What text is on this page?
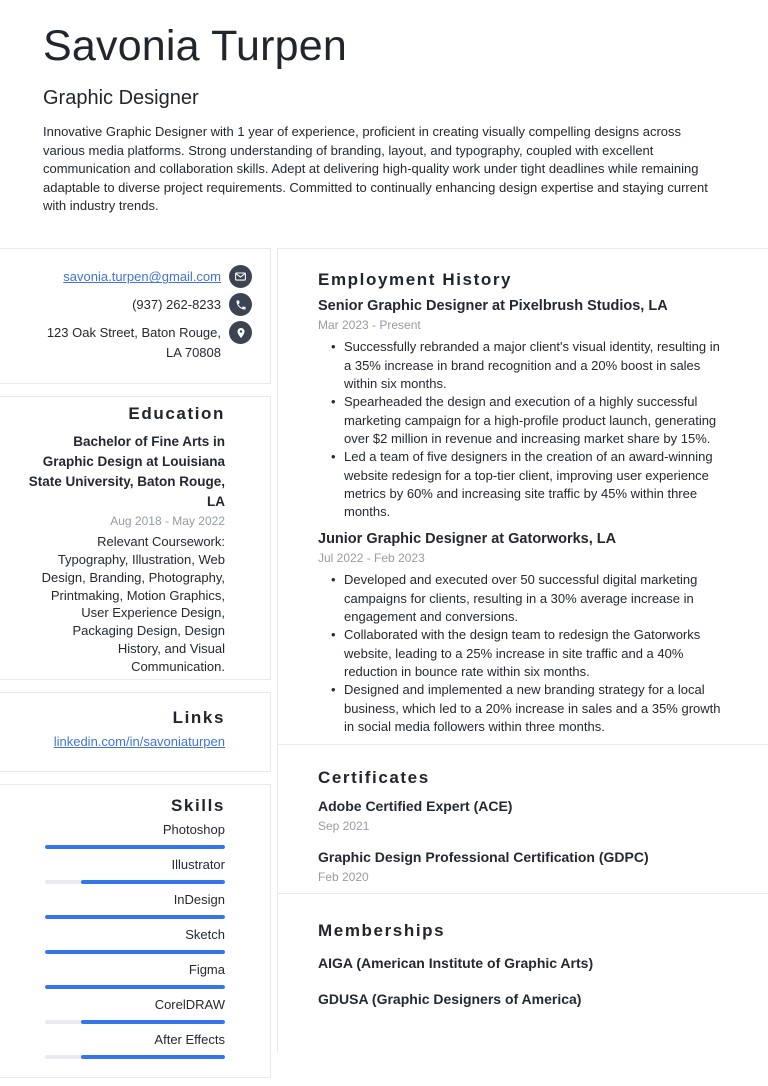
Savonia Turpen
Graphic Designer
Innovative Graphic Designer with 1 year of experience, proficient in creating visually compelling designs across various media platforms. Strong understanding of branding, layout, and typography, coupled with excellent communication and collaboration skills. Adept at delivering high-quality work under tight deadlines while remaining adaptable to diverse project requirements. Committed to continually enhancing design expertise and staying current with industry trends.
savonia.turpen@gmail.com
(937) 262-8233
123 Oak Street, Baton Rouge, LA 70808
Education
Bachelor of Fine Arts in Graphic Design at Louisiana State University, Baton Rouge, LA
Aug 2018 - May 2022
Relevant Coursework: Typography, Illustration, Web Design, Branding, Photography, Printmaking, Motion Graphics, User Experience Design, Packaging Design, Design History, and Visual Communication.
Links
linkedin.com/in/savoniaturpen
Skills
Photoshop
Illustrator
InDesign
Sketch
Figma
CorelDRAW
After Effects
Employment History
Senior Graphic Designer at Pixelbrush Studios, LA
Mar 2023 - Present
• Successfully rebranded a major client's visual identity, resulting in a 35% increase in brand recognition and a 20% boost in sales within six months.
• Spearheaded the design and execution of a highly successful marketing campaign for a high-profile product launch, generating over $2 million in revenue and increasing market share by 15%.
• Led a team of five designers in the creation of an award-winning website redesign for a top-tier client, improving user experience metrics by 60% and increasing site traffic by 45% within three months.
Junior Graphic Designer at Gatorworks, LA
Jul 2022 - Feb 2023
• Developed and executed over 50 successful digital marketing campaigns for clients, resulting in a 30% average increase in engagement and conversions.
• Collaborated with the design team to redesign the Gatorworks website, leading to a 25% increase in site traffic and a 40% reduction in bounce rate within six months.
• Designed and implemented a new branding strategy for a local business, which led to a 20% increase in sales and a 35% growth in social media followers within three months.
Certificates
Adobe Certified Expert (ACE)
Sep 2021
Graphic Design Professional Certification (GDPC)
Feb 2020
Memberships
AIGA (American Institute of Graphic Arts)
GDUSA (Graphic Designers of America)
